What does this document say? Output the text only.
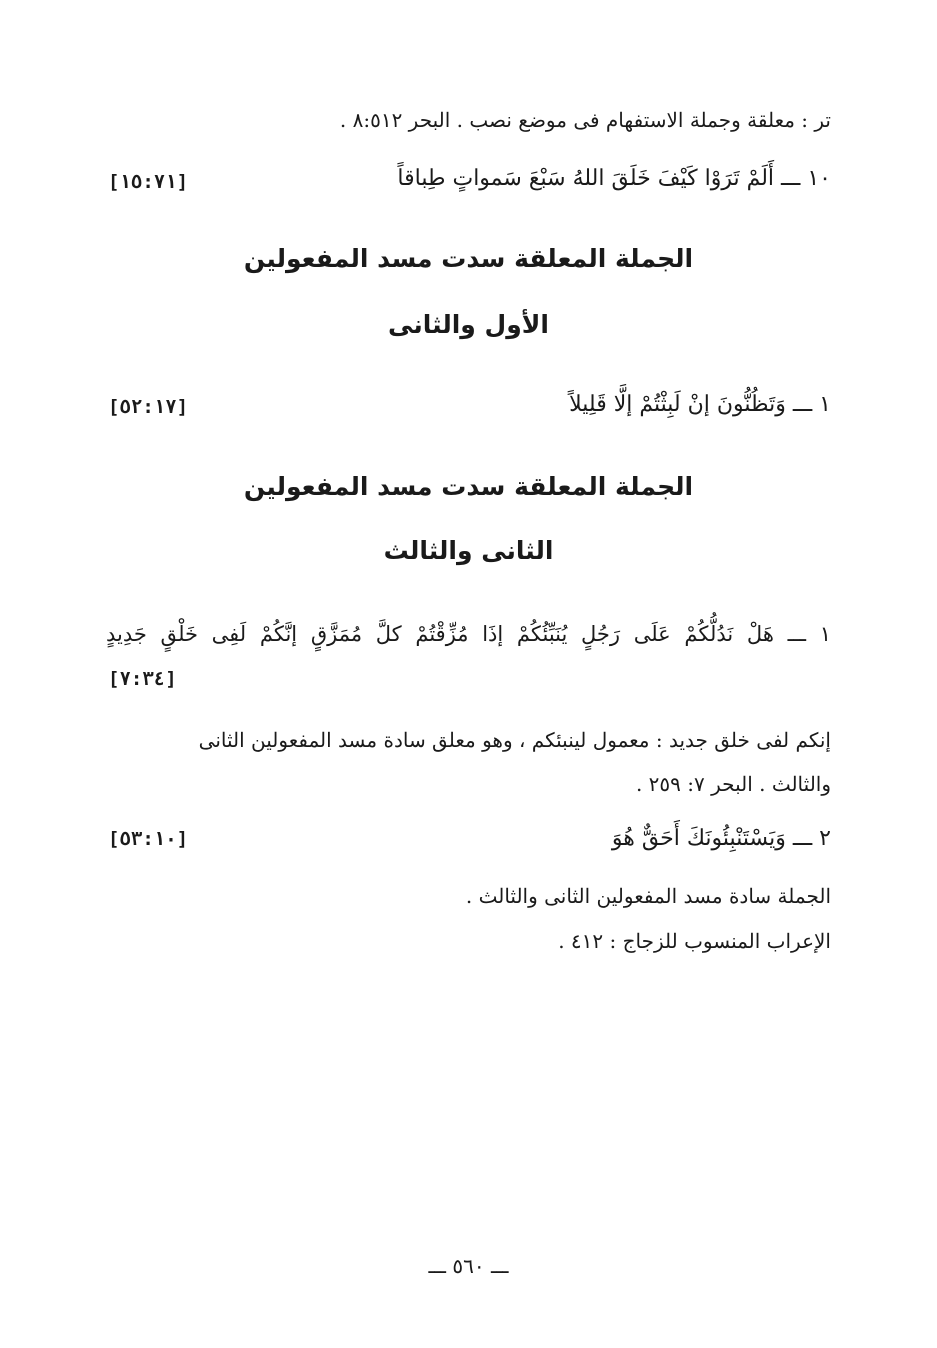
تر : معلقة وجملة الاستفهام فى موضع نصب . البحر ٨:٥١٢ .
١٠ ـــ أَلَمْ تَرَوْا كَيْفَ خَلَقَ اللهُ سَبْعَ سَمواتٍ طِباقاً
[١٥:٧١]
الجملة المعلقة سدت مسد المفعولين
الأول والثانى
١ ـــ وَتَظُنُّونَ إنْ لَبِثْتُمْ إلَّا قَلِيلاً
[٥٢:١٧]
الجملة المعلقة سدت مسد المفعولين
الثانى والثالث
١ ـــ هَلْ نَدُلُّكُمْ عَلَى رَجُلٍ يُنَبِّئُكُمْ إذَا مُزِّقْتُمْ كلَّ مُمَزَّقٍ إنَّكُمْ لَفِى خَلْقٍ جَدِيدٍ
[٧:٣٤]
إنكم لفى خلق جديد : معمول لينبئكم ، وهو معلق سادة مسد المفعولين الثانى
والثالث . البحر ٧: ٢٥٩ .
٢ ـــ وَيَسْتَنْبِئُونَكَ أَحَقٌّ هُوَ
[٥٣:١٠]
الجملة سادة مسد المفعولين الثانى والثالث .
الإعراب المنسوب للزجاج : ٤١٢ .
ـــ ٥٦٠ ـــ
